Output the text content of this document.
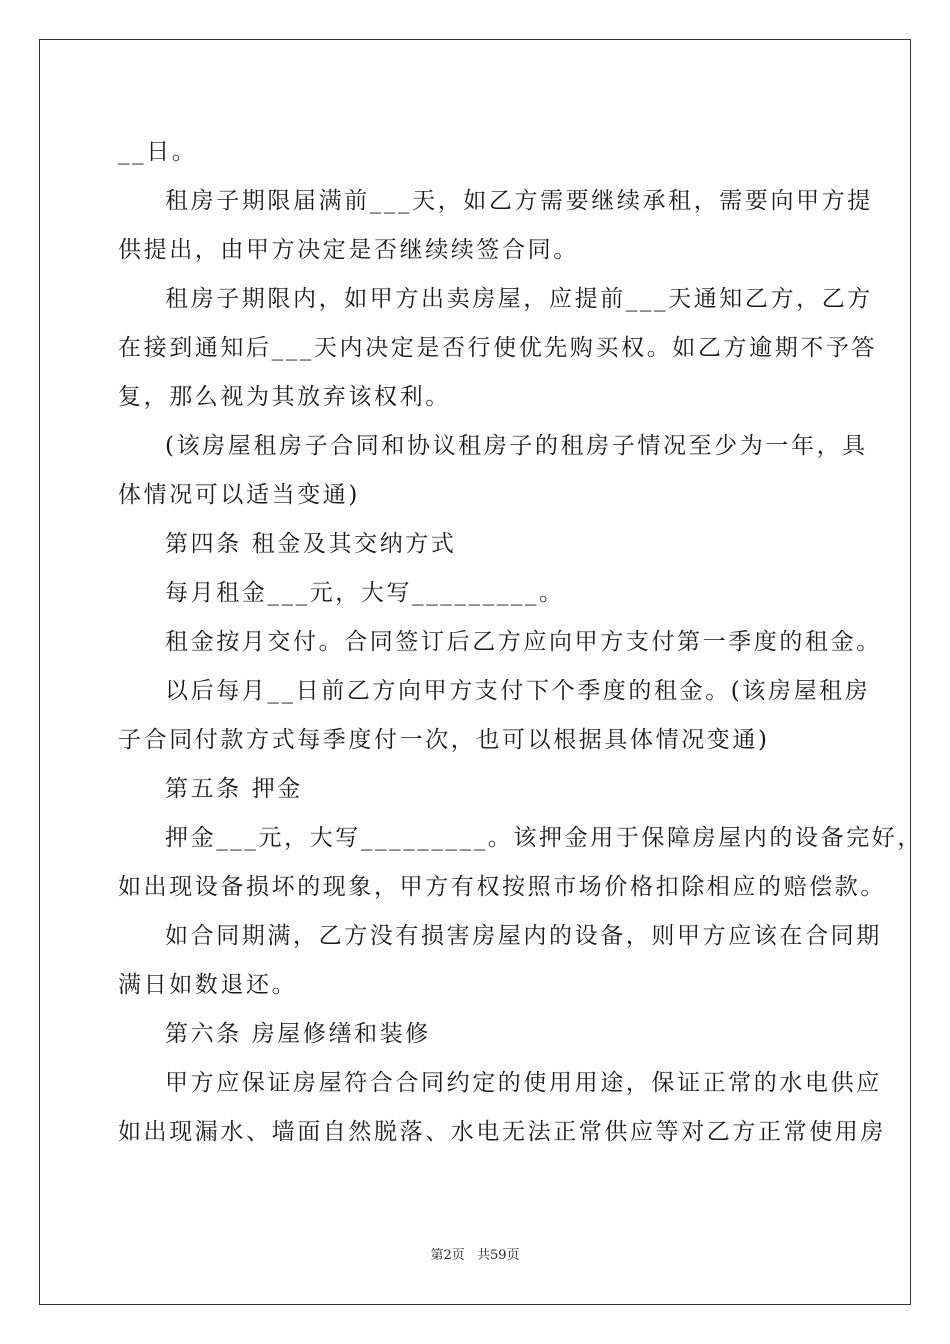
__日。
租房子期限届满前___天，如乙方需要继续承租，需要向甲方提
供提出，由甲方决定是否继续续签合同。
租房子期限内，如甲方出卖房屋，应提前___天通知乙方，乙方
在接到通知后___天内决定是否行使优先购买权。如乙方逾期不予答
复，那么视为其放弃该权利。
(该房屋租房子合同和协议租房子的租房子情况至少为一年，具
体情况可以适当变通)
第四条 租金及其交纳方式
每月租金___元，大写_________。
租金按月交付。合同签订后乙方应向甲方支付第一季度的租金。
以后每月__日前乙方向甲方支付下个季度的租金。(该房屋租房
子合同付款方式每季度付一次，也可以根据具体情况变通)
第五条 押金
押金___元，大写_________。该押金用于保障房屋内的设备完好，
如出现设备损坏的现象，甲方有权按照市场价格扣除相应的赔偿款。
如合同期满，乙方没有损害房屋内的设备，则甲方应该在合同期
满日如数退还。
第六条 房屋修缮和装修
甲方应保证房屋符合合同约定的使用用途，保证正常的水电供应
如出现漏水、墙面自然脱落、水电无法正常供应等对乙方正常使用房
第2页 共59页
